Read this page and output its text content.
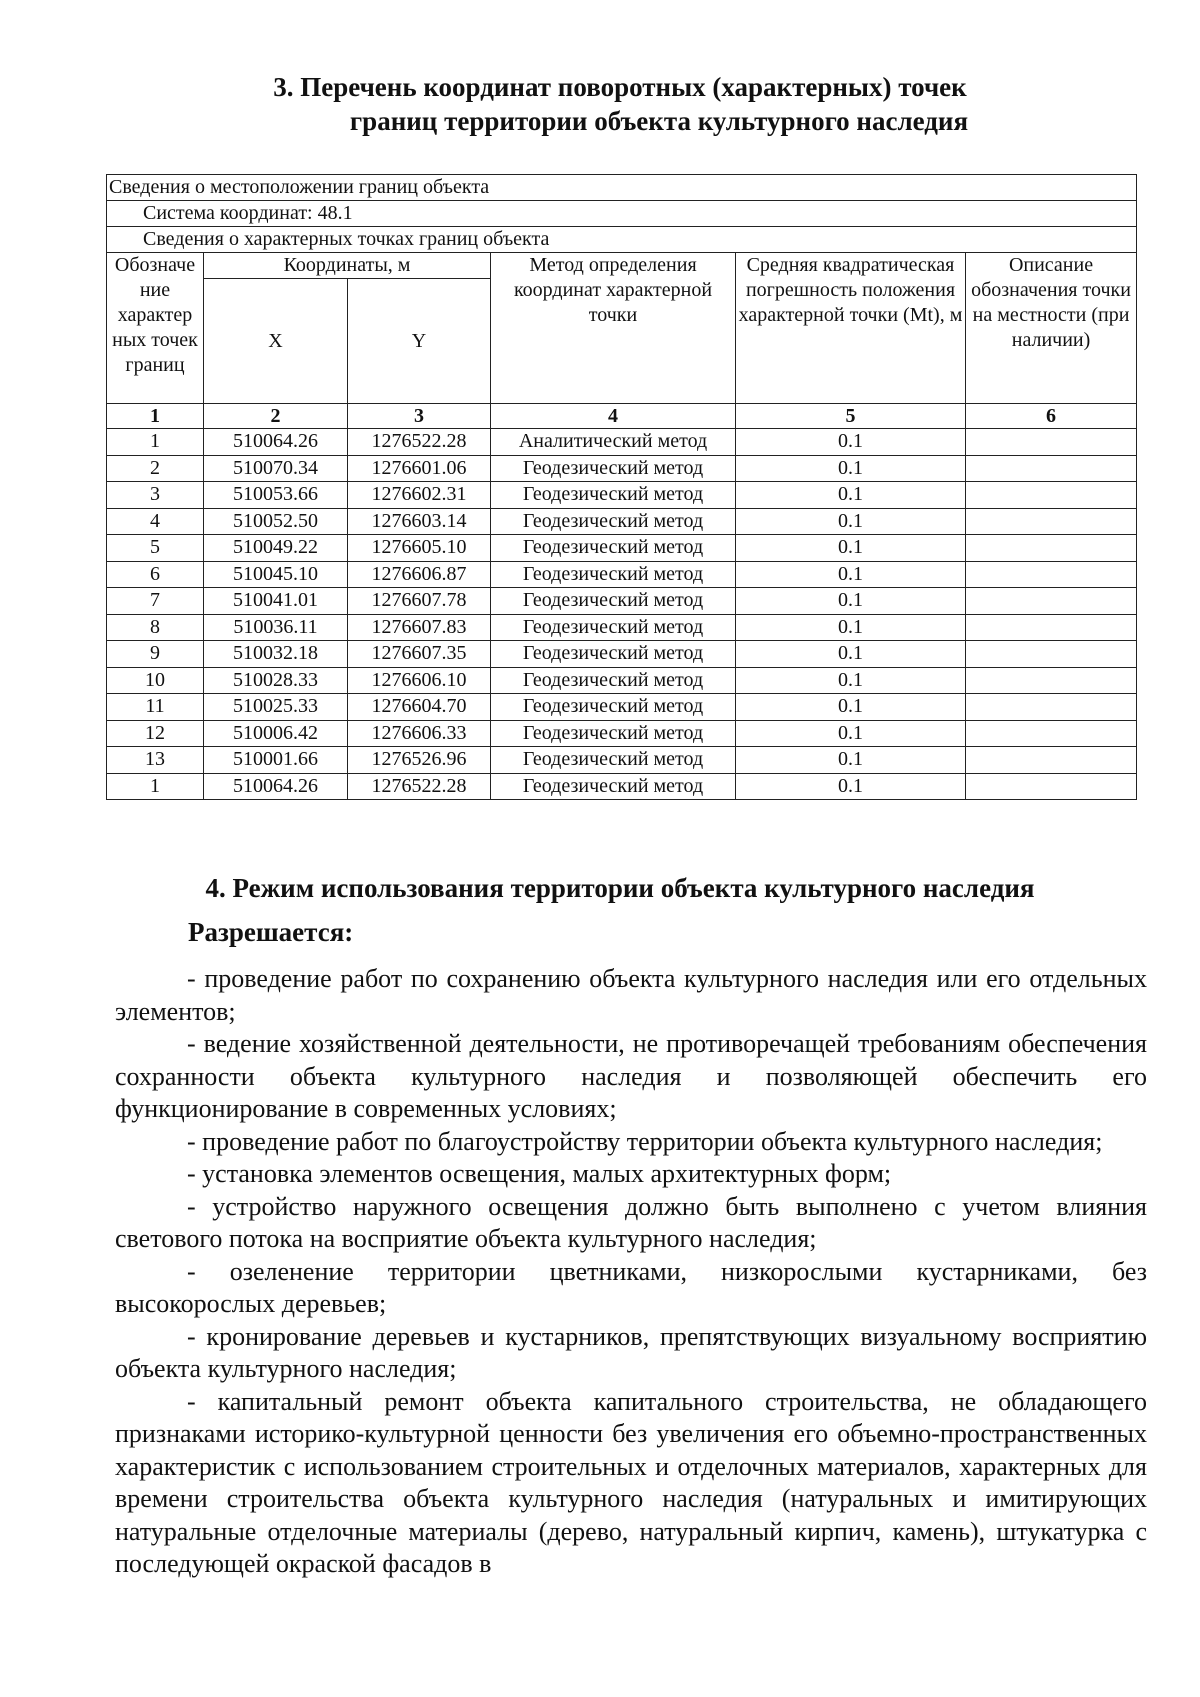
3. Перечень координат поворотных (характерных) точек
границ территории объекта культурного наследия
Сведения о местоположении границ объекта					
Система координат: 48.1					
Сведения о характерных точках границ объекта					
Обозначе ние характер ных точек границ	Координаты, м		Метод определения координат характерной точки	Средняя квадратическая погрешность положения характерной точки (Mt), м	Описание обозначения точки на местности (при наличии)
	X	Y			
1	2	3	4	5	6
1	510064.26	1276522.28	Аналитический метод	0.1	
2	510070.34	1276601.06	Геодезический метод	0.1	
3	510053.66	1276602.31	Геодезический метод	0.1	
4	510052.50	1276603.14	Геодезический метод	0.1	
5	510049.22	1276605.10	Геодезический метод	0.1	
6	510045.10	1276606.87	Геодезический метод	0.1	
7	510041.01	1276607.78	Геодезический метод	0.1	
8	510036.11	1276607.83	Геодезический метод	0.1	
9	510032.18	1276607.35	Геодезический метод	0.1	
10	510028.33	1276606.10	Геодезический метод	0.1	
11	510025.33	1276604.70	Геодезический метод	0.1	
12	510006.42	1276606.33	Геодезический метод	0.1	
13	510001.66	1276526.96	Геодезический метод	0.1	
1	510064.26	1276522.28	Геодезический метод	0.1	
4. Режим использования территории объекта культурного наследия
Разрешается:

- проведение работ по сохранению объекта культурного наследия или его отдельных элементов;

- ведение хозяйственной деятельности, не противоречащей требованиям обеспечения сохранности объекта культурного наследия и позволяющей обеспечить его функционирование в современных условиях;

- проведение работ по благоустройству территории объекта культурного наследия;

- установка элементов освещения, малых архитектурных форм;

- устройство наружного освещения должно быть выполнено с учетом влияния светового потока на восприятие объекта культурного наследия;

- озеленение территории цветниками, низкорослыми кустарниками, без высокорослых деревьев;

- кронирование деревьев и кустарников, препятствующих визуальному восприятию объекта культурного наследия;

- капитальный ремонт объекта капитального строительства, не обладающего признаками историко-культурной ценности без увеличения его объемно-пространственных характеристик с использованием строительных и отделочных материалов, характерных для времени строительства объекта культурного наследия (натуральных и имитирующих натуральные отделочные материалы (дерево, натуральный кирпич, камень), штукатурка с последующей окраской фасадов в
